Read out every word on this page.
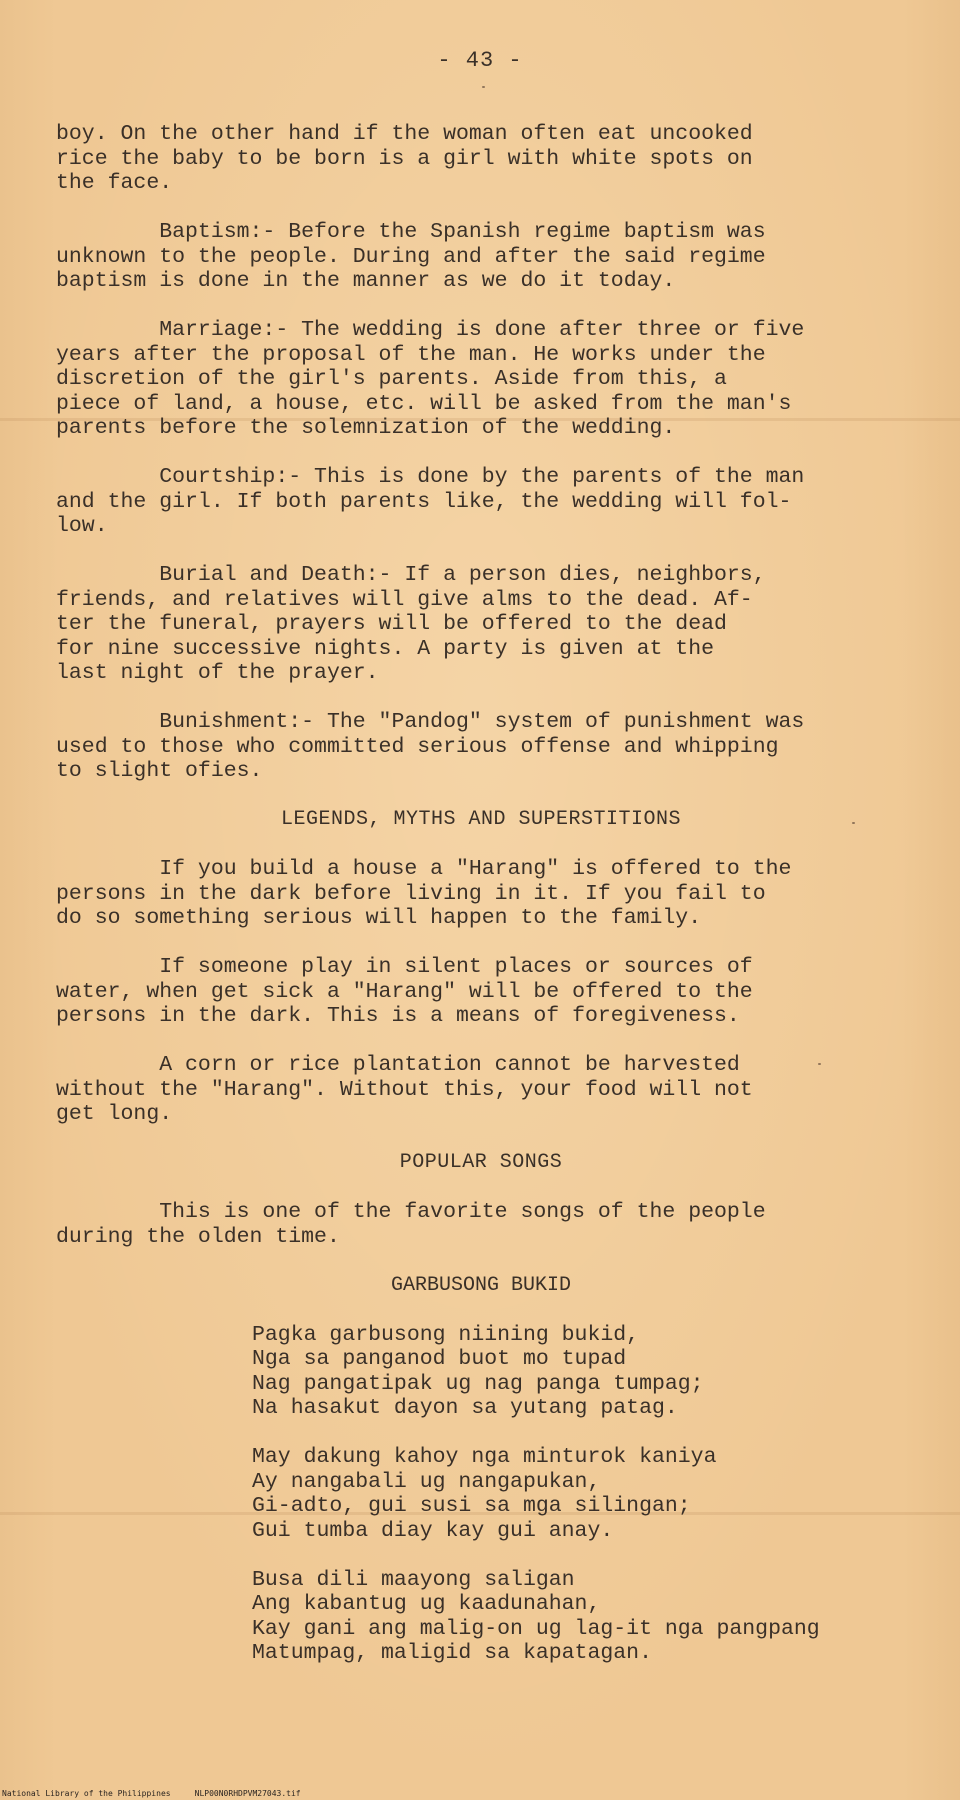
- 43 -
boy. On the other hand if the woman often eat uncooked
rice the baby to be born is a girl with white spots on
the face.
Baptism:- Before the Spanish regime baptism was
unknown to the people. During and after the said regime
baptism is done in the manner as we do it today.
Marriage:- The wedding is done after three or five
years after the proposal of the man. He works under the
discretion of the girl's parents. Aside from this, a
piece of land, a house, etc. will be asked from the man's
parents before the solemnization of the wedding.
Courtship:- This is done by the parents of the man
and the girl. If both parents like, the wedding will fol-
low.
Burial and Death:- If a person dies, neighbors,
friends, and relatives will give alms to the dead. Af-
ter the funeral, prayers will be offered to the dead
for nine successive nights. A party is given at the
last night of the prayer.
Bunishment:- The "Pandog" system of punishment was
used to those who committed serious offense and whipping
to slight ofies.
LEGENDS, MYTHS AND SUPERSTITIONS
If you build a house a "Harang" is offered to the
persons in the dark before living in it. If you fail to
do so something serious will happen to the family.
If someone play in silent places or sources of
water, when get sick a "Harang" will be offered to the
persons in the dark. This is a means of foregiveness.
A corn or rice plantation cannot be harvested
without the "Harang". Without this, your food will not
get long.
POPULAR SONGS
This is one of the favorite songs of the people
during the olden time.
GARBUSONG BUKID
Pagka garbusong niining bukid,
Nga sa panganod buot mo tupad
Nag pangatipak ug nag panga tumpag;
Na hasakut dayon sa yutang patag.
May dakung kahoy nga minturok kaniya
Ay nangabali ug nangapukan,
Gi-adto, gui susi sa mga silingan;
Gui tumba diay kay gui anay.
Busa dili maayong saligan
Ang kabantug ug kaadunahan,
Kay gani ang malig-on ug lag-it nga pangpang
Matumpag, maligid sa kapatagan.
National Library of the Philippines     NLP00N0RHDPVM27043.tif
